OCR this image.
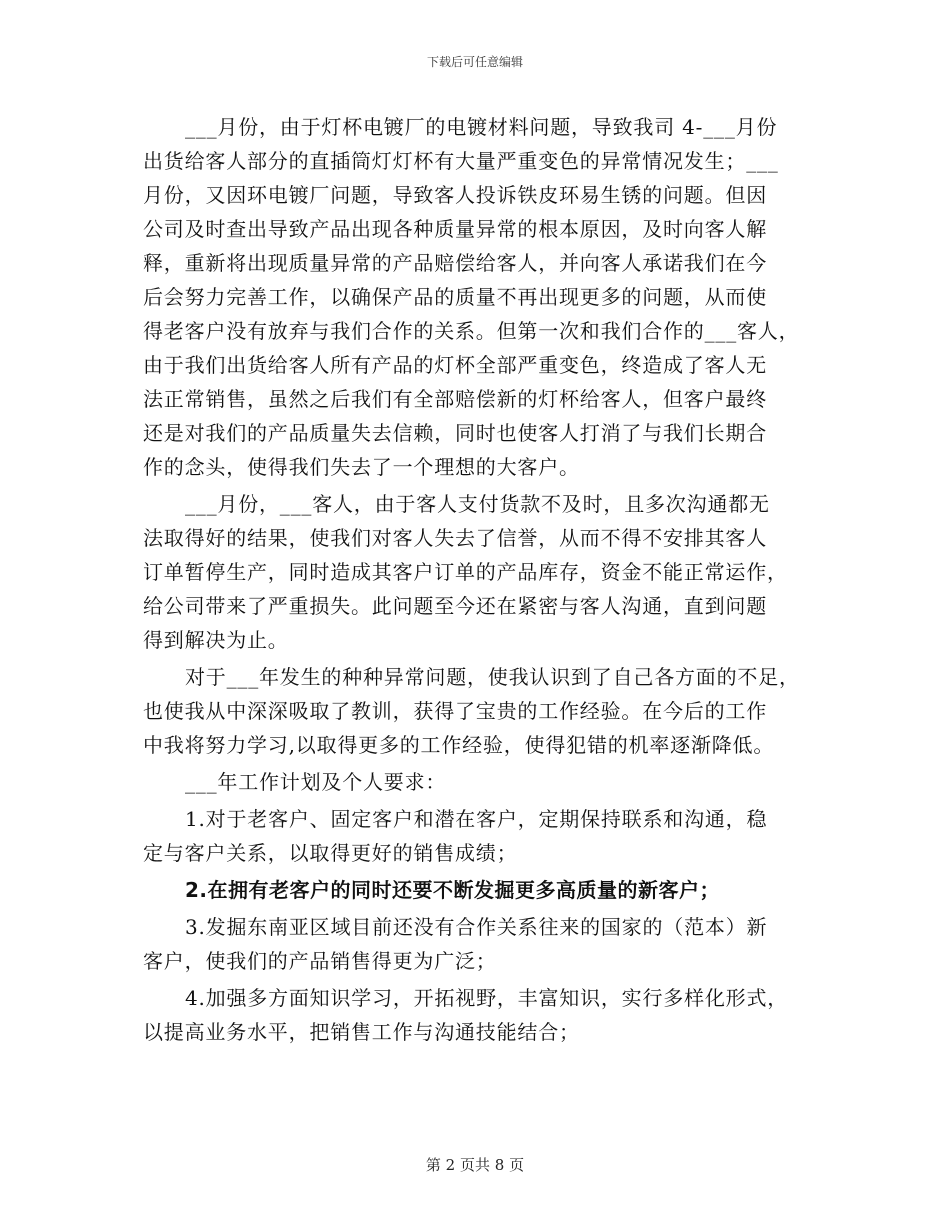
下载后可任意编辑
___月份，由于灯杯电镀厂的电镀材料问题，导致我司 4-___月份
出货给客人部分的直插筒灯灯杯有大量严重变色的异常情况发生；___
月份，又因环电镀厂问题，导致客人投诉铁皮环易生锈的问题。但因
公司及时查出导致产品出现各种质量异常的根本原因，及时向客人解
释，重新将出现质量异常的产品赔偿给客人，并向客人承诺我们在今
后会努力完善工作，以确保产品的质量不再出现更多的问题，从而使
得老客户没有放弃与我们合作的关系。但第一次和我们合作的___客人，
由于我们出货给客人所有产品的灯杯全部严重变色，终造成了客人无
法正常销售，虽然之后我们有全部赔偿新的灯杯给客人，但客户最终
还是对我们的产品质量失去信赖，同时也使客人打消了与我们长期合
作的念头，使得我们失去了一个理想的大客户。
___月份，___客人，由于客人支付货款不及时，且多次沟通都无
法取得好的结果，使我们对客人失去了信誉，从而不得不安排其客人
订单暂停生产，同时造成其客户订单的产品库存，资金不能正常运作，
给公司带来了严重损失。此问题至今还在紧密与客人沟通，直到问题
得到解决为止。
对于___年发生的种种异常问题，使我认识到了自己各方面的不足，
也使我从中深深吸取了教训，获得了宝贵的工作经验。在今后的工作
中我将努力学习,以取得更多的工作经验，使得犯错的机率逐渐降低。
___年工作计划及个人要求：
1.对于老客户、固定客户和潜在客户，定期保持联系和沟通，稳
定与客户关系，以取得更好的销售成绩；
2.在拥有老客户的同时还要不断发掘更多高质量的新客户；
3.发掘东南亚区域目前还没有合作关系往来的国家的（范本）新
客户，使我们的产品销售得更为广泛；
4.加强多方面知识学习，开拓视野，丰富知识，实行多样化形式，
以提高业务水平，把销售工作与沟通技能结合；
第 2 页共 8 页
